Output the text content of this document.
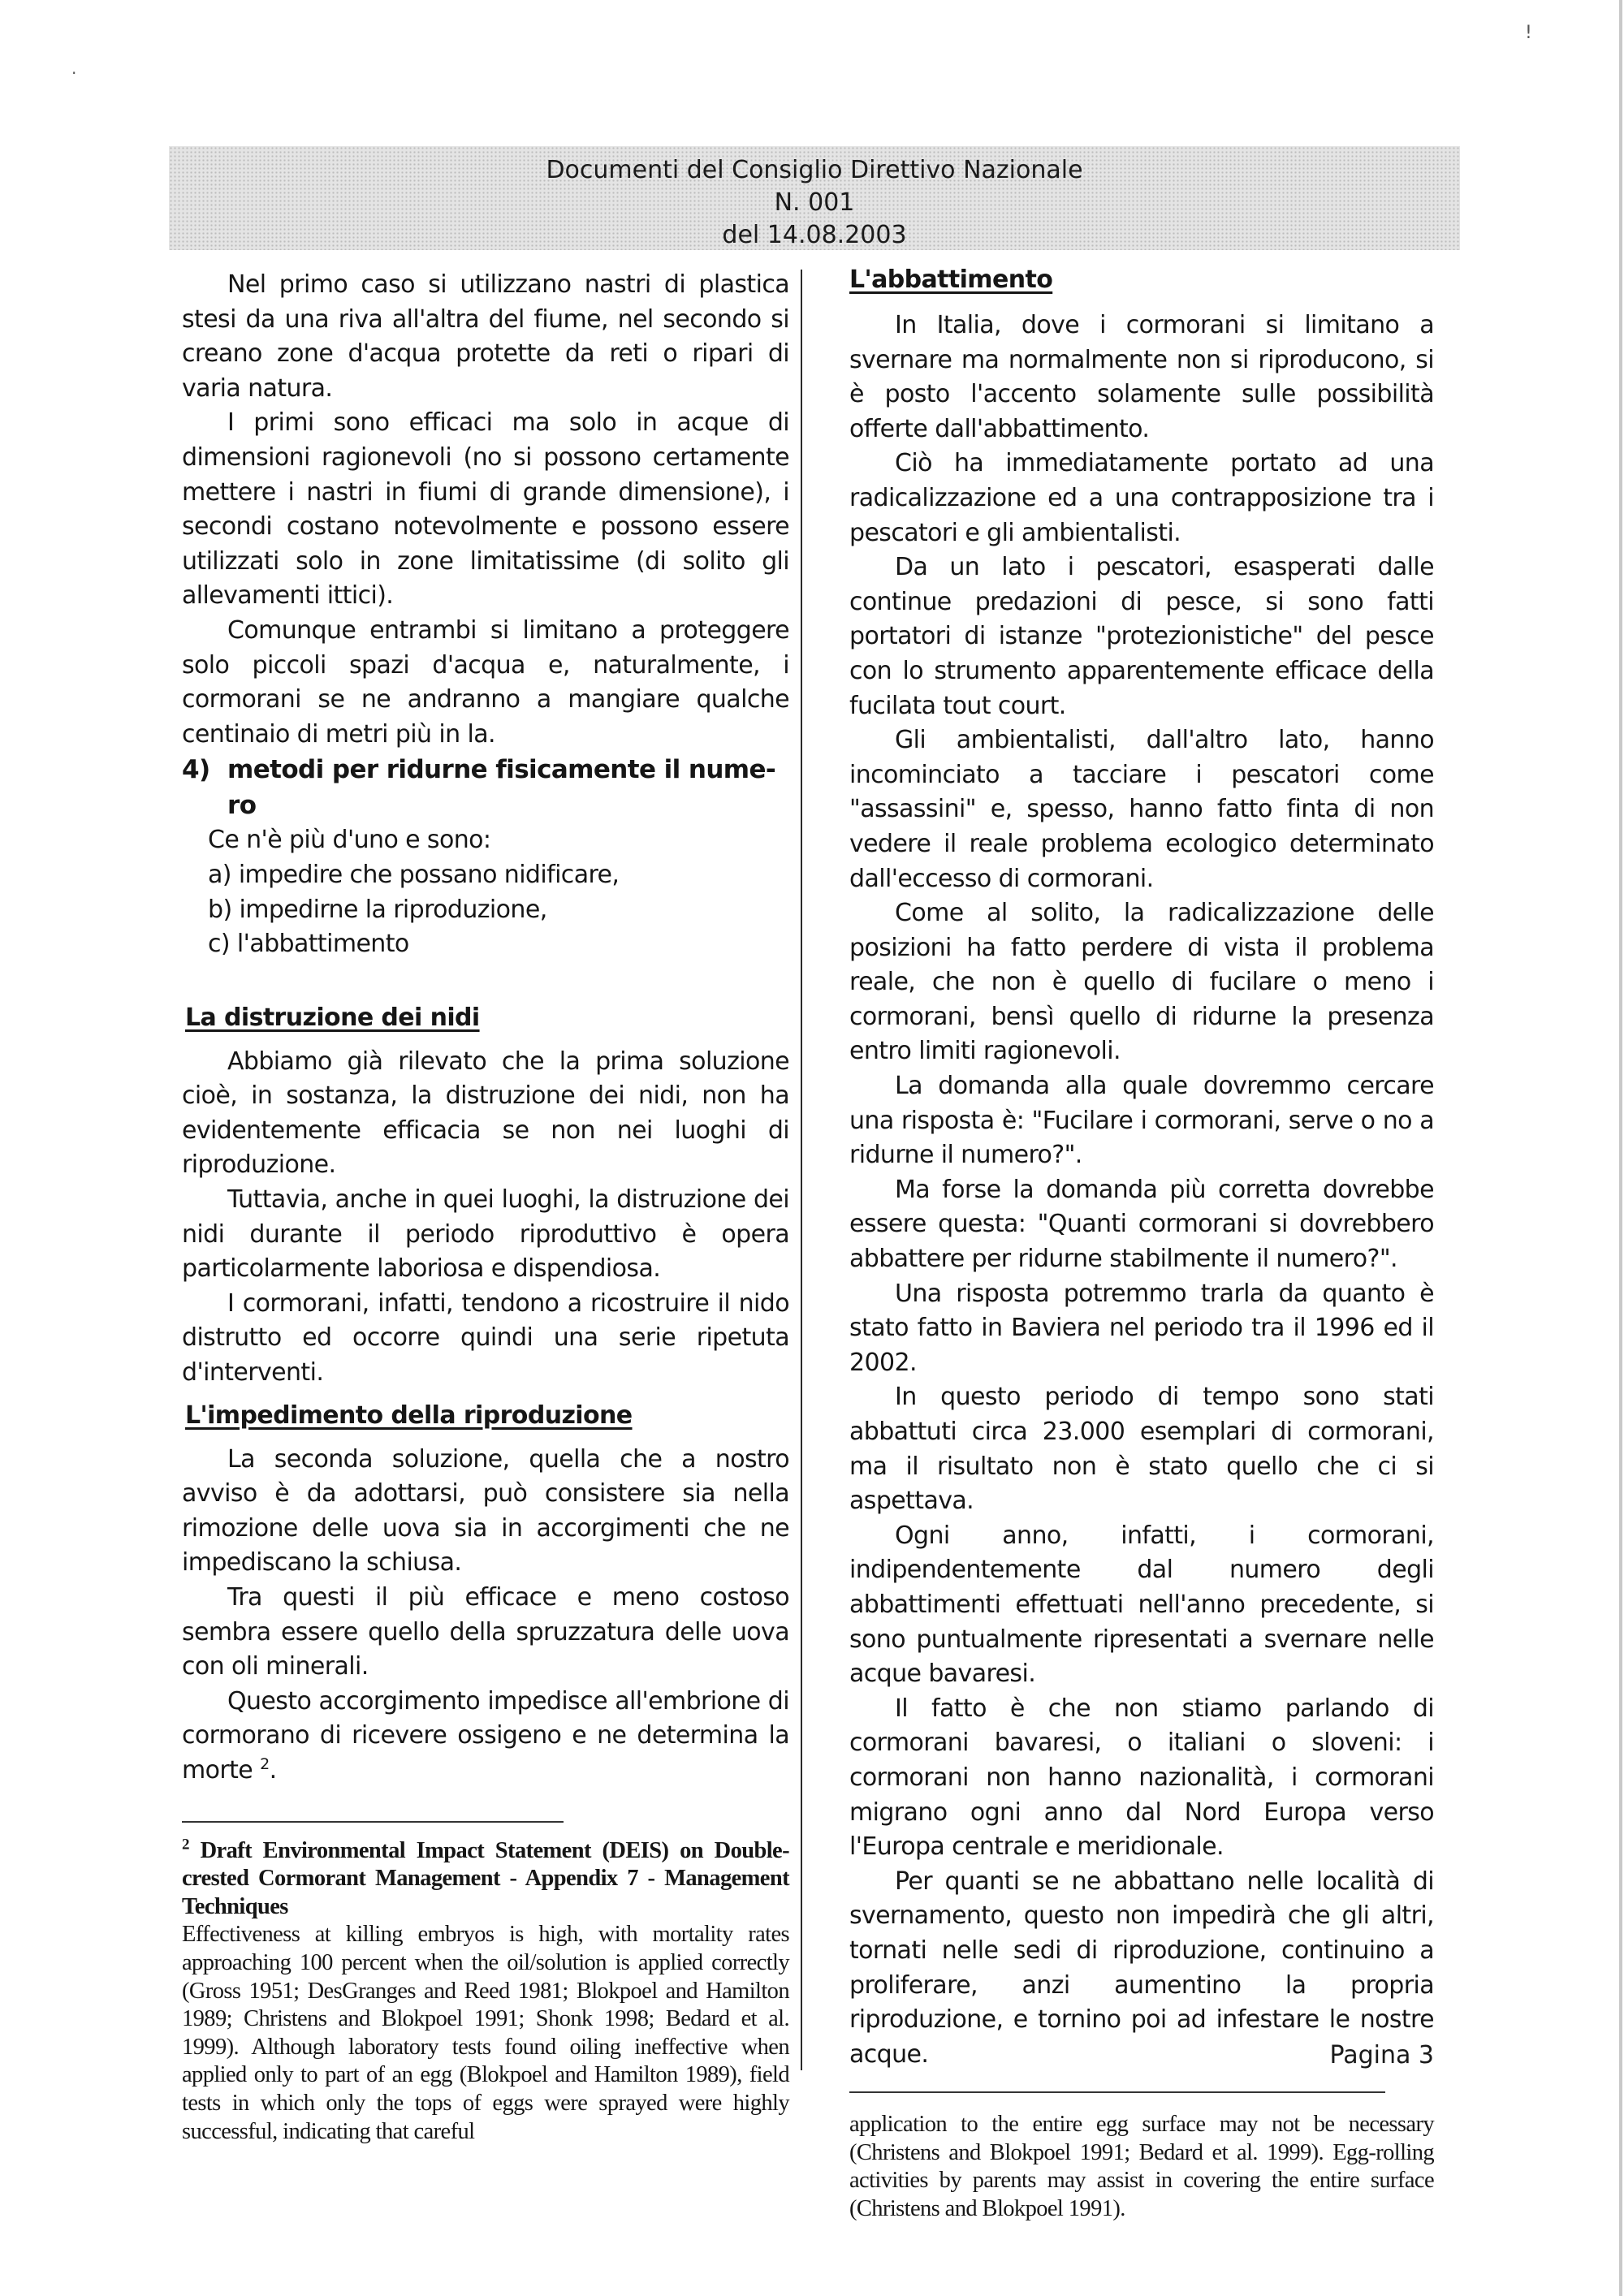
·
!
Documenti del Consiglio Direttivo Nazionale
N. 001
del 14.08.2003

Nel primo caso si utilizzano nastri di plastica stesi da una riva all'altra del fiume, nel secondo si creano zone d'acqua protette da reti o ripari di varia natura.

I primi sono efficaci ma solo in acque di dimensioni ragionevoli (no si possono certamente mettere i nastri in fiumi di grande dimensione), i secondi costano notevolmente e possono essere utilizzati solo in zone limitatissime (di solito gli allevamenti ittici).

Comunque entrambi si limitano a proteggere solo piccoli spazi d'acqua e, naturalmente, i cormorani se ne andranno a mangiare qualche centinaio di metri più in la.

4) metodi per ridurne fisicamente il nume-
ro

Ce n'è più d'uno e sono:

a) impedire che possano nidificare,

b) impedirne la riproduzione,

c) l'abbattimento

La distruzione dei nidi

Abbiamo già rilevato che la prima soluzione cioè, in sostanza, la distruzione dei nidi, non ha evidentemente efficacia se non nei luoghi di riproduzione.

Tuttavia, anche in quei luoghi, la distruzione dei nidi durante il periodo riproduttivo è opera particolarmente laboriosa e dispendiosa.

I cormorani, infatti, tendono a ricostruire il nido distrutto ed occorre quindi una serie ripetuta d'interventi.

L'impedimento della riproduzione

La seconda soluzione, quella che a nostro avviso è da adottarsi, può consistere sia nella rimozione delle uova sia in accorgimenti che ne impediscano la schiusa.

Tra questi il più efficace e meno costoso sembra essere quello della spruzzatura delle uova con oli minerali.

Questo accorgimento impedisce all'embrione di cormorano di ricevere ossigeno e ne determina la morte $^2$.

$^2$ Draft Environmental Impact Statement (DEIS) on Double-crested Cormorant Management - Appendix 7 - Management Techniques

Effectiveness at killing embryos is high, with mortality rates approaching 100 percent when the oil/solution is applied correctly (Gross 1951; DesGranges and Reed 1981; Blokpoel and Hamilton 1989; Christens and Blokpoel 1991; Shonk 1998; Bedard et al. 1999). Although laboratory tests found oiling ineffective when applied only to part of an egg (Blokpoel and Hamilton 1989), field tests in which only the tops of eggs were sprayed were highly successful, indicating that careful

L'abbattimento

In Italia, dove i cormorani si limitano a svernare ma normalmente non si riproducono, si è posto l'accento solamente sulle possibilità offerte dall'abbattimento.

Ciò ha immediatamente portato ad una radicalizzazione ed a una contrapposizione tra i pescatori e gli ambientalisti.

Da un lato i pescatori, esasperati dalle continue predazioni di pesce, si sono fatti portatori di istanze "protezionistiche" del pesce con lo strumento apparentemente efficace della fucilata tout court.

Gli ambientalisti, dall'altro lato, hanno incominciato a tacciare i pescatori come "assassini" e, spesso, hanno fatto finta di non vedere il reale problema ecologico determinato dall'eccesso di cormorani.

Come al solito, la radicalizzazione delle posizioni ha fatto perdere di vista il problema reale, che non è quello di fucilare o meno i cormorani, bensì quello di ridurne la presenza entro limiti ragionevoli.

La domanda alla quale dovremmo cercare una risposta è: "Fucilare i cormorani, serve o no a ridurne il numero?".

Ma forse la domanda più corretta dovrebbe essere questa: "Quanti cormorani si dovrebbero abbattere per ridurne stabilmente il numero?".

Una risposta potremmo trarla da quanto è stato fatto in Baviera nel periodo tra il 1996 ed il 2002.

In questo periodo di tempo sono stati abbattuti circa 23.000 esemplari di cormorani, ma il risultato non è stato quello che ci si aspettava.

Ogni anno, infatti, i cormorani, indipendentemente dal numero degli abbattimenti effettuati nell'anno precedente, si sono puntualmente ripresentati a svernare nelle acque bavaresi.

Il fatto è che non stiamo parlando di cormorani bavaresi, o italiani o sloveni: i cormorani non hanno nazionalità, i cormorani migrano ogni anno dal Nord Europa verso l'Europa centrale e meridionale.

Per quanti se ne abbattano nelle località di svernamento, questo non impedirà che gli altri, tornati nelle sedi di riproduzione, continuino a proliferare, anzi aumentino la propria riproduzione, e tornino poi ad infestare le nostre acque.

application to the entire egg surface may not be necessary (Christens and Blokpoel 1991; Bedard et al. 1999). Egg-rolling activities by parents may assist in covering the entire surface (Christens and Blokpoel 1991).

Pagina 3
